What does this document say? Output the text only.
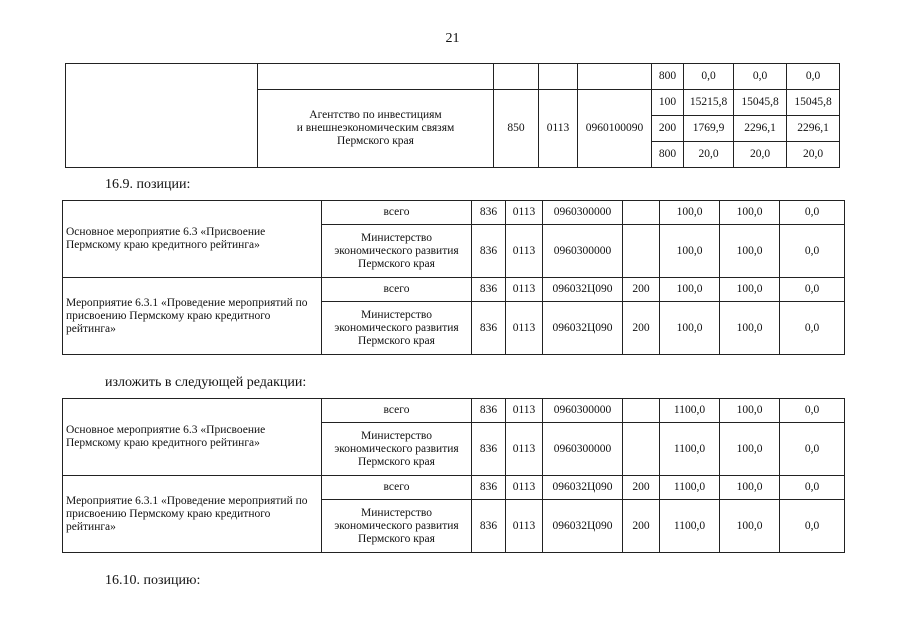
21
					800	0,0	0,0	0,0

	Агентство по инвестициям
и внешнеэкономическим связям
Пермского края	850	0113	0960100090	100	15215,8	15045,8	15045,8
					200	1769,9	2296,1	2296,1
					800	20,0	20,0	20,0
16.9. позиции:
Основное мероприятие 6.3 «Присвоение Пермскому краю кредитного рейтинга»	всего	836	0113	0960300000		100,0	100,0	0,0
	Министерство экономического развития Пермского края	836	0113	0960300000		100,0	100,0	0,0
Мероприятие 6.3.1 «Проведение мероприятий по присвоению Пермскому краю кредитного рейтинга»	всего	836	0113	096032Ц090	200	100,0	100,0	0,0
	Министерство экономического развития Пермского края	836	0113	096032Ц090	200	100,0	100,0	0,0
изложить в следующей редакции:
Основное мероприятие 6.3 «Присвоение Пермскому краю кредитного рейтинга»	всего	836	0113	0960300000		1100,0	100,0	0,0
	Министерство экономического развития Пермского края	836	0113	0960300000		1100,0	100,0	0,0
Мероприятие 6.3.1 «Проведение мероприятий по присвоению Пермскому краю кредитного рейтинга»	всего	836	0113	096032Ц090	200	1100,0	100,0	0,0
	Министерство экономического развития Пермского края	836	0113	096032Ц090	200	1100,0	100,0	0,0
16.10. позицию:
